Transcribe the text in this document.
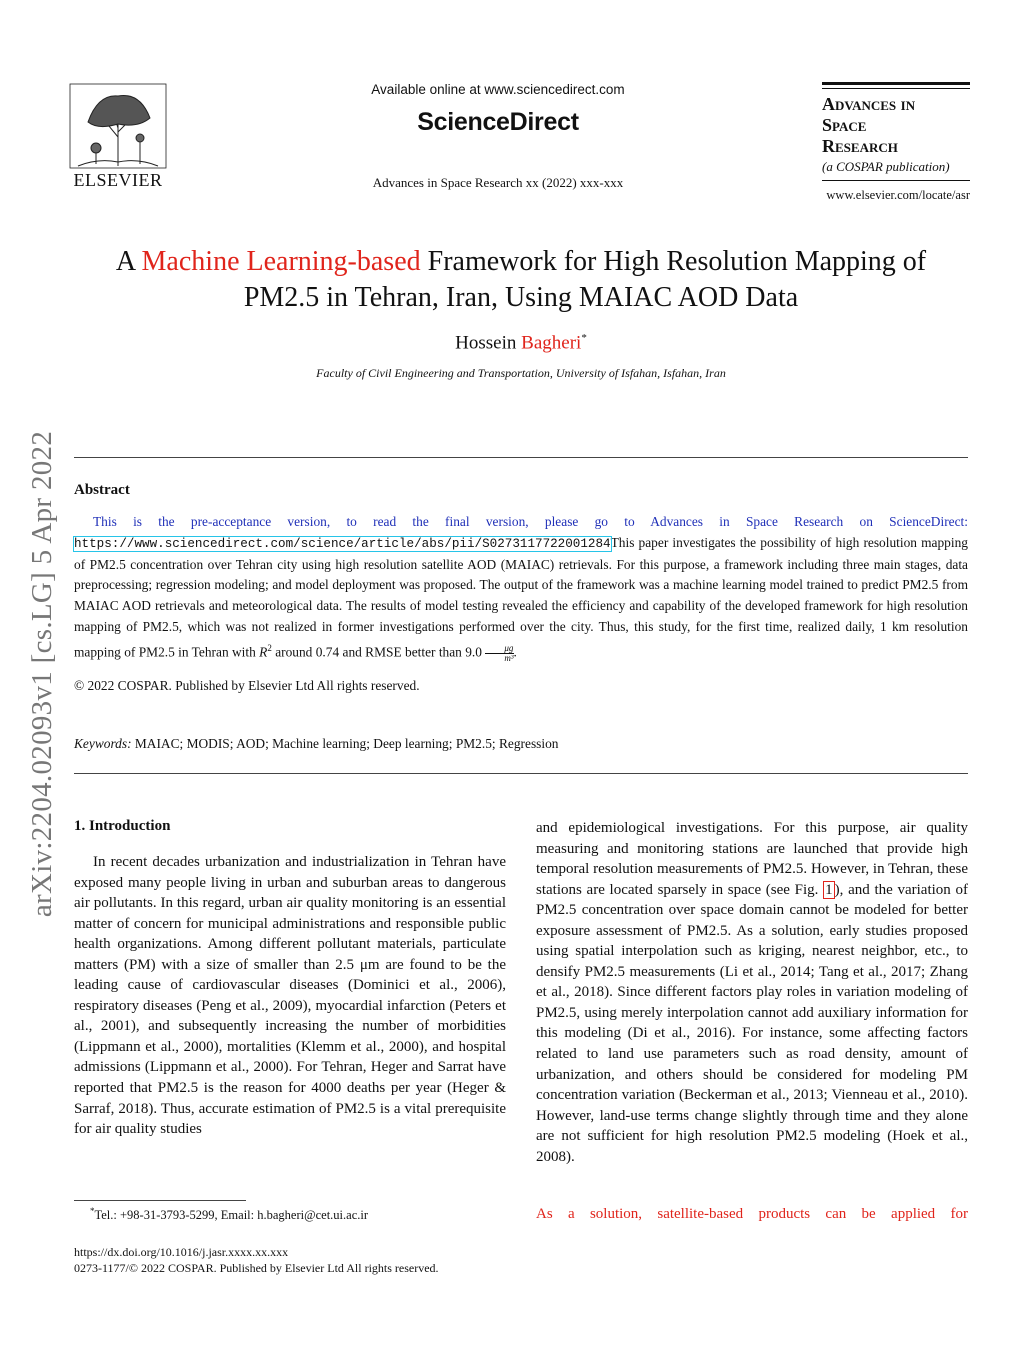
ELSEVIER
Available online at www.sciencedirect.com
ScienceDirect
Advances in Space Research xx (2022) xxx-xxx
Advances in
Space
Research
(a COSPAR publication)
www.elsevier.com/locate/asr
arXiv:2204.02093v1 [cs.LG] 5 Apr 2022
A Machine Learning-based Framework for High Resolution Mapping of
PM2.5 in Tehran, Iran, Using MAIAC AOD Data
Hossein Bagheri*
Faculty of Civil Engineering and Transportation, University of Isfahan, Isfahan, Iran
Abstract
This is the pre-acceptance version, to read the final version, please go to Advances in Space Research on ScienceDirect: https://www.sciencedirect.com/science/article/abs/pii/S0273117722001284This paper investigates the possibility of high resolution mapping of PM2.5 concentration over Tehran city using high resolution satellite AOD (MAIAC) retrievals. For this purpose, a framework including three main stages, data preprocessing; regression modeling; and model deployment was proposed. The output of the framework was a machine learning model trained to predict PM2.5 from MAIAC AOD retrievals and meteorological data. The results of model testing revealed the efficiency and capability of the developed framework for high resolution mapping of PM2.5, which was not realized in former investigations performed over the city. Thus, this study, for the first time, realized daily, 1 km resolution mapping of PM2.5 in Tehran with $R^2$ around 0.74 and RMSE better than $9.0 \frac{\mu g}{\text{m³}}$ .
© 2022 COSPAR. Published by Elsevier Ltd All rights reserved.
Keywords: MAIAC; MODIS; AOD; Machine learning; Deep learning; PM2.5; Regression
1. Introduction
In recent decades urbanization and industrialization in Tehran have exposed many people living in urban and suburban areas to dangerous air pollutants. In this regard, urban air quality monitoring is an essential matter of concern for municipal administrations and responsible public health organizations. Among different pollutant materials, particulate matters (PM) with a size of smaller than 2.5 μm are found to be the leading cause of cardiovascular diseases (Dominici et al., 2006), respiratory diseases (Peng et al., 2009), myocardial infarction (Peters et al., 2001), and subsequently increasing the number of morbidities (Lippmann et al., 2000), mortalities (Klemm et al., 2000), and hospital admissions (Lippmann et al., 2000). For Tehran, Heger and Sarrat have reported that PM2.5 is the reason for 4000 deaths per year (Heger & Sarraf, 2018). Thus, accurate estimation of PM2.5 is a vital prerequisite for air quality studies
and epidemiological investigations. For this purpose, air quality measuring and monitoring stations are launched that provide high temporal resolution measurements of PM2.5. However, in Tehran, these stations are located sparsely in space (see Fig. 1 ), and the variation of PM2.5 concentration over space domain cannot be modeled for better exposure assessment of PM2.5. As a solution, early studies proposed using spatial interpolation such as kriging, nearest neighbor, etc., to densify PM2.5 measurements (Li et al., 2014; Tang et al., 2017; Zhang et al., 2018). Since different factors play roles in variation modeling of PM2.5, using merely interpolation cannot add auxiliary information for this modeling (Di et al., 2016). For instance, some affecting factors related to land use parameters such as road density, amount of urbanization, and others should be considered for modeling PM concentration variation (Beckerman et al., 2013; Vienneau et al., 2010). However, land-use terms change slightly through time and they alone are not sufficient for high resolution PM2.5 modeling (Hoek et al., 2008).
As a solution, satellite-based products can be applied for
*Tel.: +98-31-3793-5299, Email: h.bagheri@cet.ui.ac.ir
https://dx.doi.org/10.1016/j.jasr.xxxx.xx.xxx
0273-1177/© 2022 COSPAR. Published by Elsevier Ltd All rights reserved.
